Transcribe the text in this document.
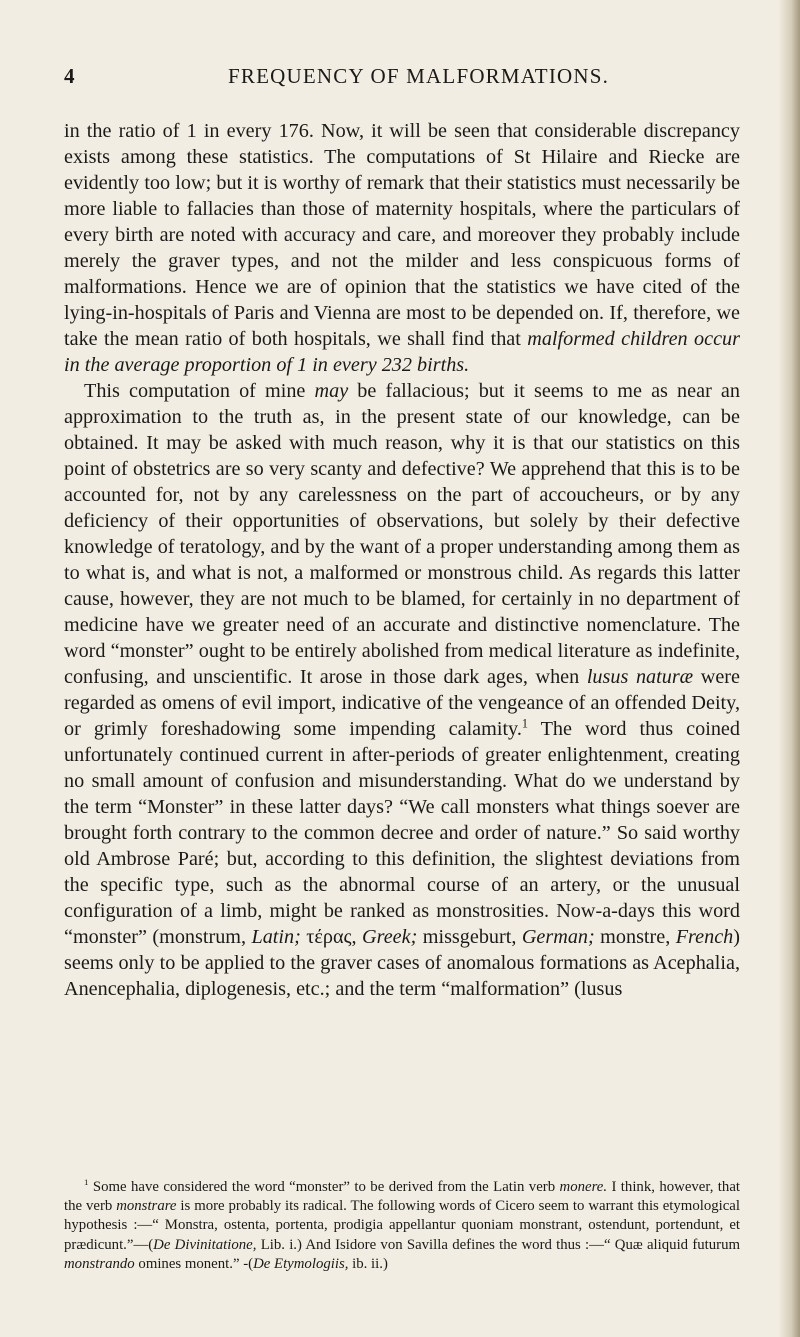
4	FREQUENCY OF MALFORMATIONS.

in the ratio of 1 in every 176. Now, it will be seen that considerable discrepancy exists among these statistics. The computations of St Hilaire and Riecke are evidently too low; but it is worthy of remark that their statistics must necessarily be more liable to fallacies than those of maternity hospitals, where the particulars of every birth are noted with accuracy and care, and moreover they probably include merely the graver types, and not the milder and less conspicuous forms of malformations. Hence we are of opinion that the statistics we have cited of the lying-in-hospitals of Paris and Vienna are most to be depended on. If, therefore, we take the mean ratio of both hospitals, we shall find that malformed children occur in the average proportion of 1 in every 232 births.

This computation of mine may be fallacious; but it seems to me as near an approximation to the truth as, in the present state of our knowledge, can be obtained. It may be asked with much reason, why it is that our statistics on this point of obstetrics are so very scanty and defective? We apprehend that this is to be accounted for, not by any carelessness on the part of accoucheurs, or by any deficiency of their opportunities of observations, but solely by their defective knowledge of teratology, and by the want of a proper understanding among them as to what is, and what is not, a malformed or monstrous child. As regards this latter cause, however, they are not much to be blamed, for certainly in no department of medicine have we greater need of an accurate and distinctive nomenclature. The word “monster” ought to be entirely abolished from medical literature as indefinite, confusing, and unscientific. It arose in those dark ages, when lusus naturæ were regarded as omens of evil import, indicative of the vengeance of an offended Deity, or grimly foreshadowing some impending calamity.$^1$ The word thus coined unfortunately continued current in after-periods of greater enlightenment, creating no small amount of confusion and misunderstanding. What do we understand by the term “Monster” in these latter days? “We call monsters what things soever are brought forth contrary to the common decree and order of nature.” So said worthy old Ambrose Paré; but, according to this definition, the slightest deviations from the specific type, such as the abnormal course of an artery, or the unusual configuration of a limb, might be ranked as monstrosities. Now-a-days this word “monster” (monstrum, Latin; τέρας, Greek; missgeburt, German; monstre, French) seems only to be applied to the graver cases of anomalous formations as Acephalia, Anencephalia, diplogenesis, etc.; and the term “malformation” (lusus

$^1$ Some have considered the word “monster” to be derived from the Latin verb monere. I think, however, that the verb monstrare is more probably its radical. The following words of Cicero seem to warrant this etymological hypothesis :—“ Monstra, ostenta, portenta, prodigia appellantur quoniam monstrant, ostendunt, portendunt, et prædicunt.”—(De Divinitatione, Lib. i.) And Isidore von Savilla defines the word thus :—“ Quæ aliquid futurum monstrando omines monent.” -(De Etymologiis, ib. ii.)
